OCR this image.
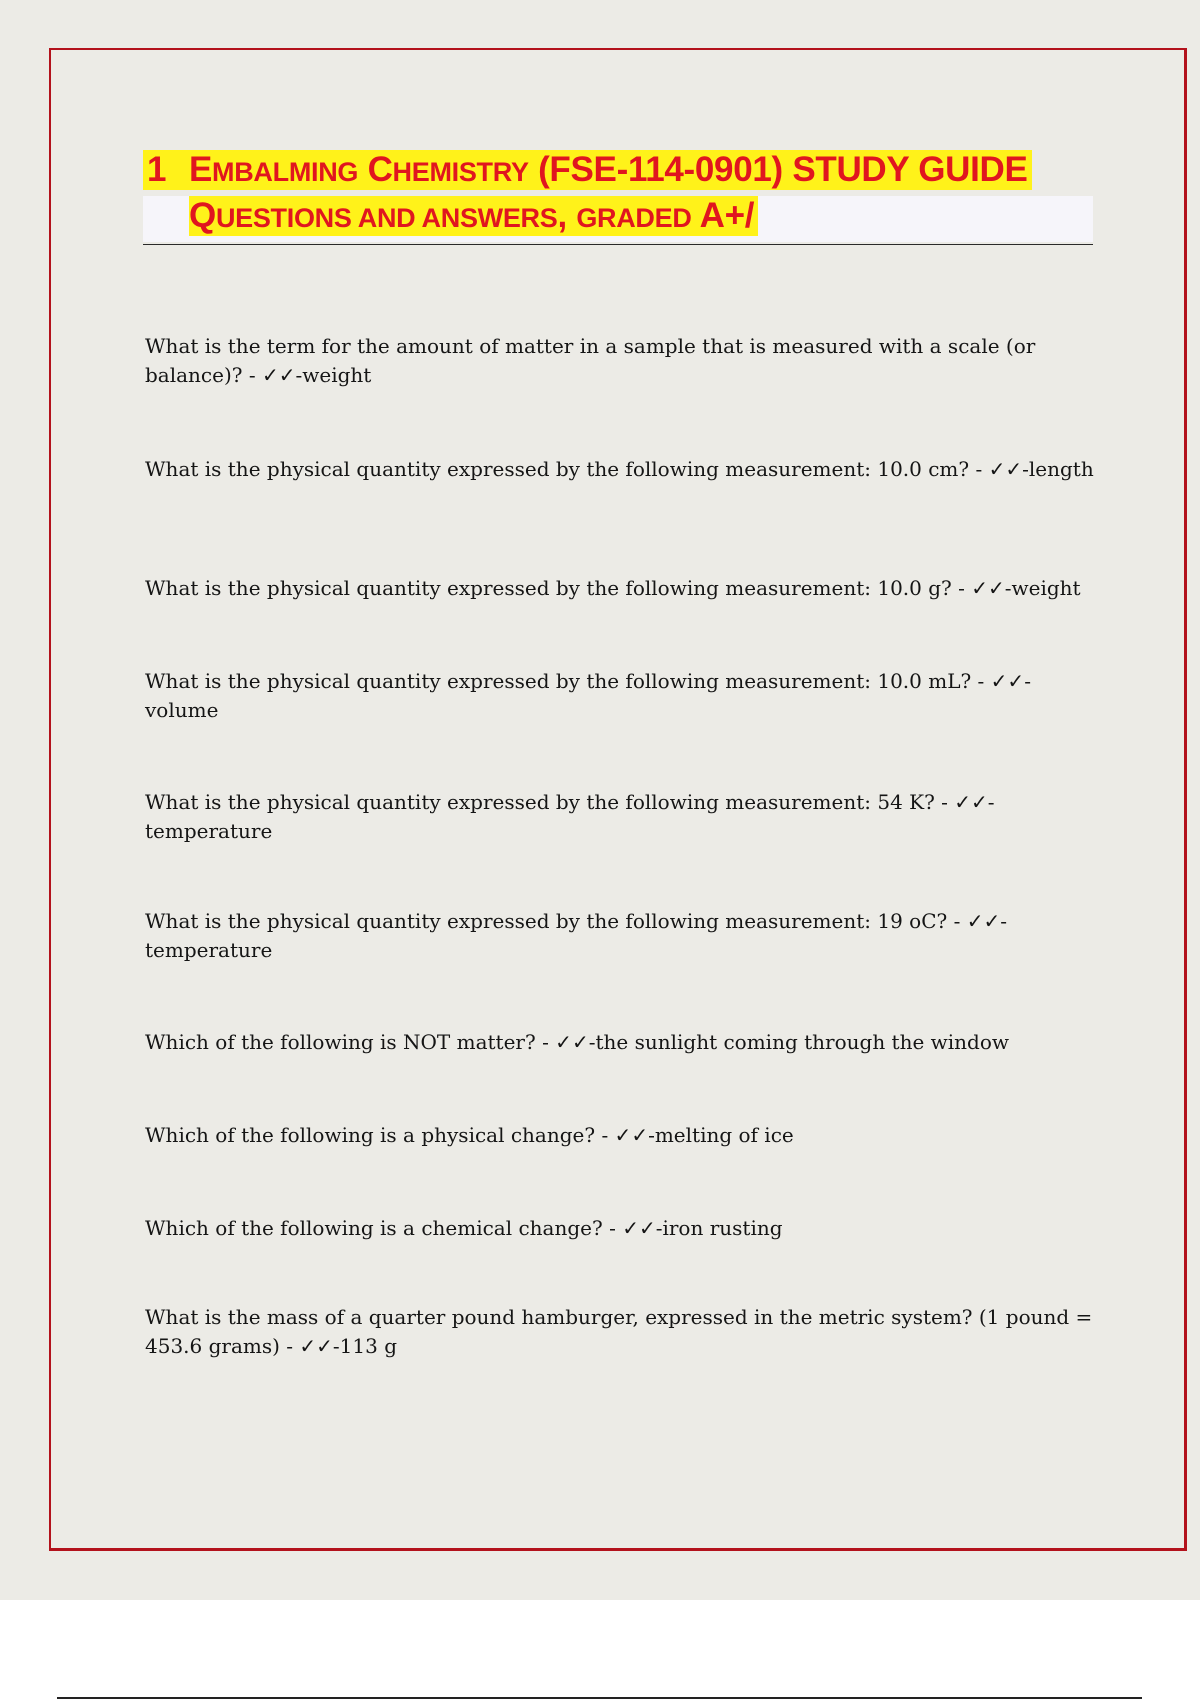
1 EMBALMING CHEMISTRY (FSE-114-0901) STUDY GUIDE
QUESTIONS AND ANSWERS, GRADED A+/

What is the term for the amount of matter in a sample that is measured with a scale (or balance)? - ✓✓-weight

What is the physical quantity expressed by the following measurement: 10.0 cm? - ✓✓-length

What is the physical quantity expressed by the following measurement: 10.0 g? - ✓✓-weight

What is the physical quantity expressed by the following measurement: 10.0 mL? - ✓✓-volume

What is the physical quantity expressed by the following measurement: 54 K? - ✓✓-temperature

What is the physical quantity expressed by the following measurement: 19 oC? - ✓✓-temperature

Which of the following is NOT matter? - ✓✓-the sunlight coming through the window

Which of the following is a physical change? - ✓✓-melting of ice

Which of the following is a chemical change? - ✓✓-iron rusting

What is the mass of a quarter pound hamburger, expressed in the metric system? (1 pound = 453.6 grams) - ✓✓-113 g
